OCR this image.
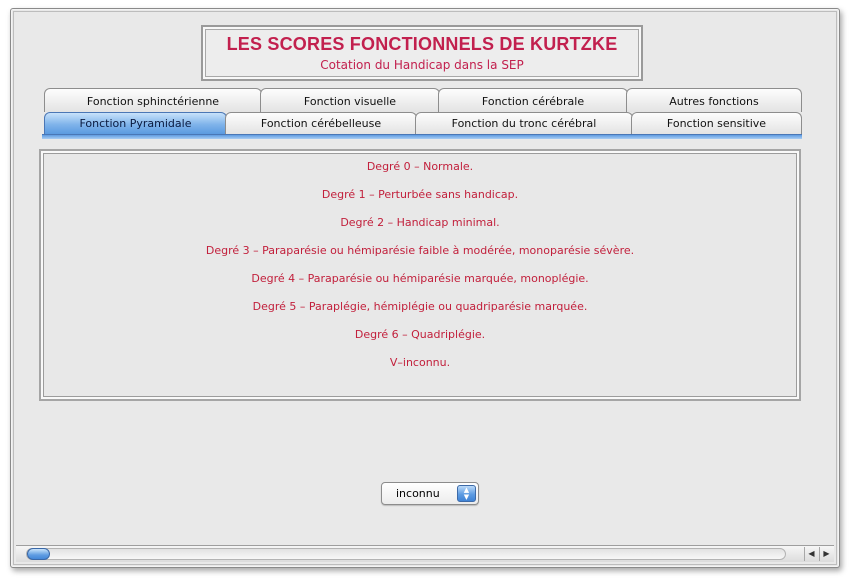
LES SCORES FONCTIONNELS DE KURTZKE
Cotation du Handicap dans la SEP
Fonction sphinctérienne	Fonction visuelle	Fonction cérébrale	Autres fonctions
Fonction Pyramidale	Fonction cérébelleuse	Fonction du tronc cérébral	Fonction sensitive
Degré 0 – Normale.
Degré 1 – Perturbée sans handicap.
Degré 2 – Handicap minimal.
Degré 3 – Paraparésie ou hémiparésie faible à modérée, monoparésie sévère.
Degré 4 – Paraparésie ou hémiparésie marquée, monoplégie.
Degré 5 – Paraplégie, hémiplégie ou quadriparésie marquée.
Degré 6 – Quadriplégie.
V–inconnu.
inconnu	▲
▼
◀	▶
